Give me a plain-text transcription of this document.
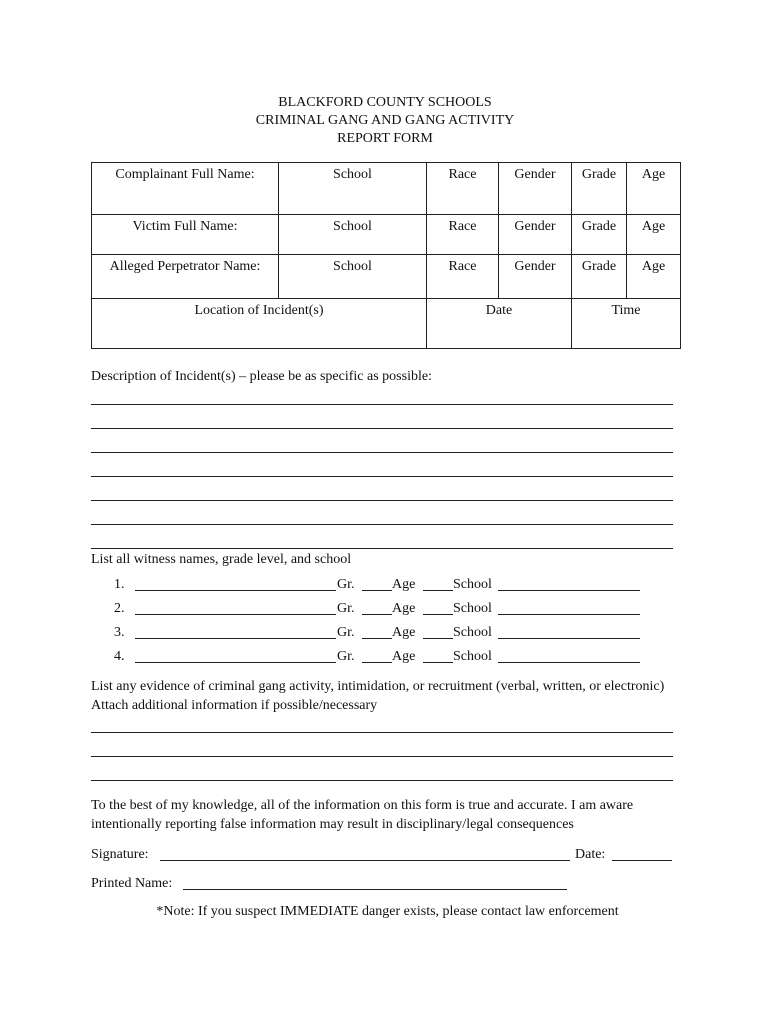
BLACKFORD COUNTY SCHOOLS
CRIMINAL GANG AND GANG ACTIVITY
REPORT FORM
Complainant Full Name:	School	Race	Gender	Grade	Age
Victim Full Name:	School	Race	Gender	Grade	Age
Alleged Perpetrator Name:	School	Race	Gender	Grade	Age
Location of Incident(s)		Date		Time	
Description of Incident(s) – please be as specific as possible:
List all witness names, grade level, and school
1.	Gr.	Age	School
2.	Gr.	Age	School
3.	Gr.	Age	School
4.	Gr.	Age	School
List any evidence of criminal gang activity, intimidation, or recruitment (verbal, written, or electronic) Attach additional information if possible/necessary
To the best of my knowledge, all of the information on this form is true and accurate. I am aware intentionally reporting false information may result in disciplinary/legal consequences
Signature:	Date:
Printed Name:
*Note: If you suspect IMMEDIATE danger exists, please contact law enforcement
